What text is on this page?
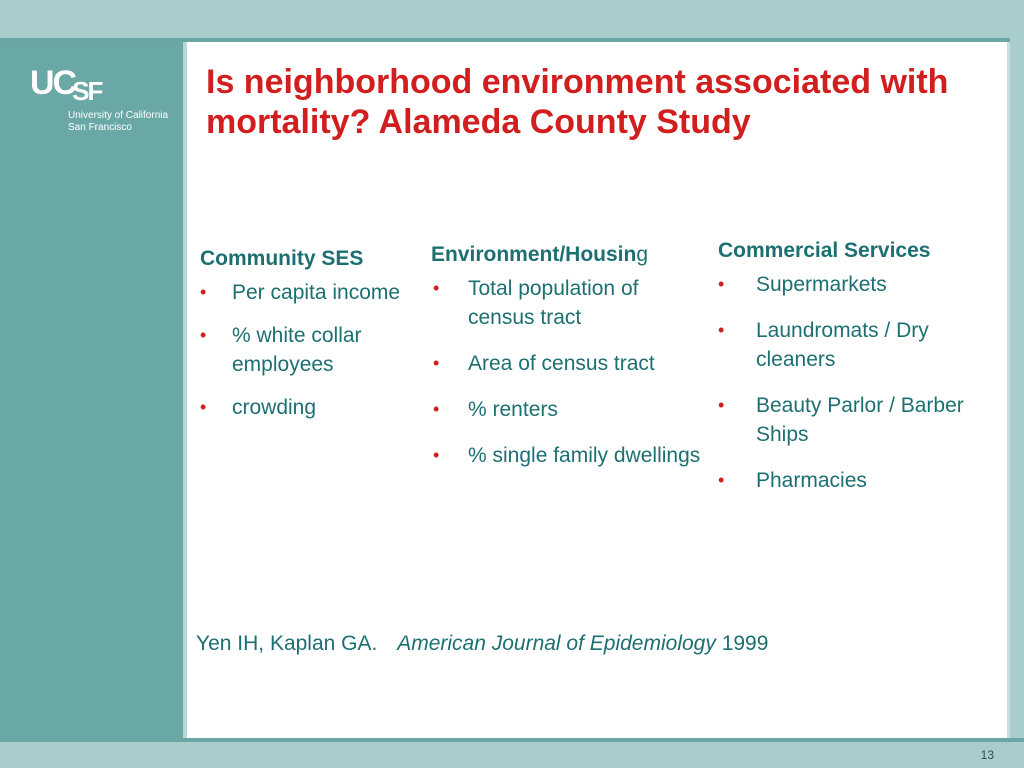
UCSF
University of California
San Francisco
Is neighborhood environment associated with mortality? Alameda County Study
Community SES
• Per capita income
• % white collar employees
• crowding
Environment/Housing
• Total population of census tract
• Area of census tract
• % renters
• % single family dwellings
Commercial Services
• Supermarkets
• Laundromats / Dry cleaners
• Beauty Parlor / Barber Ships
• Pharmacies
Yen IH, Kaplan GA. American Journal of Epidemiology 1999
13
